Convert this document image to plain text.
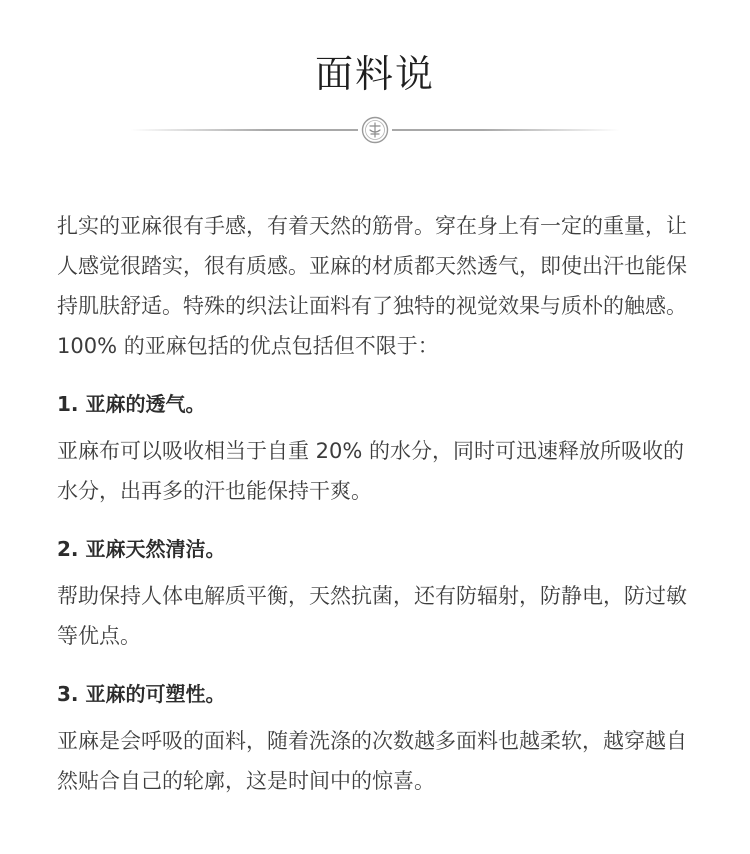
面料说

扎实的亚麻很有手感，有着天然的筋骨。穿在身上有一定的重量，让

人感觉很踏实，很有质感。亚麻的材质都天然透气，即使出汗也能保

持肌肤舒适。特殊的织法让面料有了独特的视觉效果与质朴的触感。

100% 的亚麻包括的优点包括但不限于：

1. 亚麻的透气。

亚麻布可以吸收相当于自重 20% 的水分，同时可迅速释放所吸收的

水分，出再多的汗也能保持干爽。

2. 亚麻天然清洁。

帮助保持人体电解质平衡，天然抗菌，还有防辐射，防静电，防过敏

等优点。

3. 亚麻的可塑性。

亚麻是会呼吸的面料，随着洗涤的次数越多面料也越柔软，越穿越自

然贴合自己的轮廓，这是时间中的惊喜。
